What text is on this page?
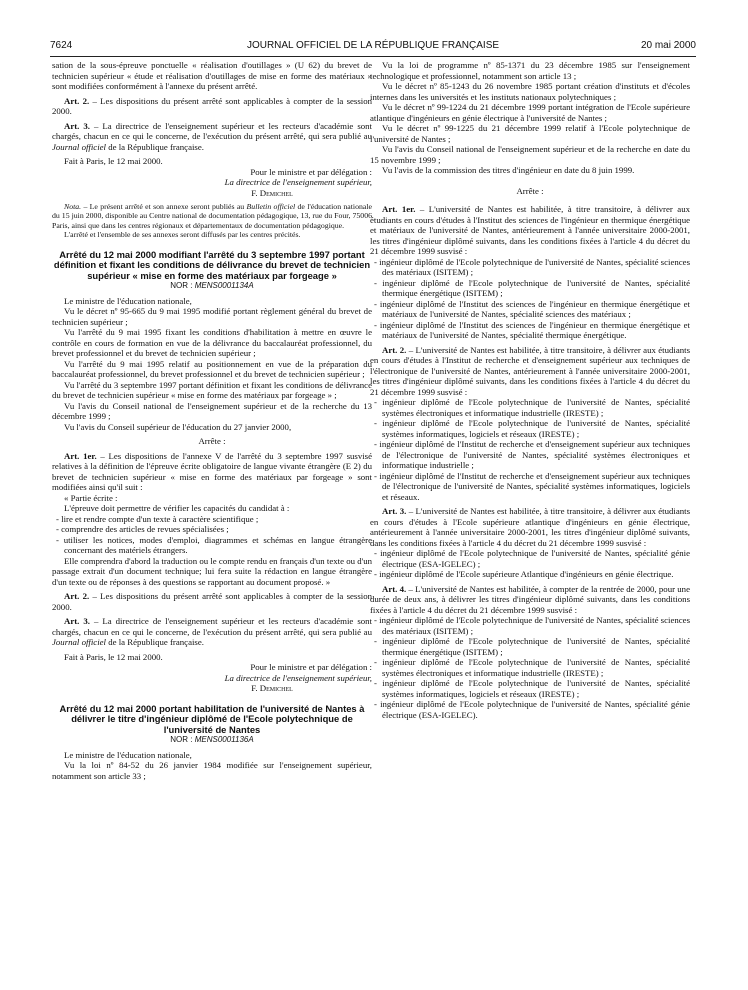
7624	JOURNAL OFFICIEL DE LA RÉPUBLIQUE FRANÇAISE	20 mai 2000

sation de la sous-épreuve ponctuelle « réalisation d'outillages » (U 62) du brevet de technicien supérieur « étude et réalisation d'outillages de mise en forme des matériaux » sont modifiées conformément à l'annexe du présent arrêté.

Art. 2. – Les dispositions du présent arrêté sont applicables à compter de la session 2000.

Art. 3. – La directrice de l'enseignement supérieur et les recteurs d'académie sont chargés, chacun en ce qui le concerne, de l'exécution du présent arrêté, qui sera publié au Journal officiel de la République française.

Fait à Paris, le 12 mai 2000.

Pour le ministre et par délégation :

La directrice de l'enseignement supérieur,

F. Demichel

Nota. – Le présent arrêté et son annexe seront publiés au Bulletin officiel de l'éducation nationale du 15 juin 2000, disponible au Centre national de documentation pédagogique, 13, rue du Four, 75006 Paris, ainsi que dans les centres régionaux et départementaux de documentation pédagogique.

L'arrêté et l'ensemble de ses annexes seront diffusés par les centres précités.

Arrêté du 12 mai 2000 modifiant l'arrêté du 3 septembre 1997 portant définition et fixant les conditions de délivrance du brevet de technicien supérieur « mise en forme des matériaux par forgeage »
NOR : MENS0001134A

Le ministre de l'éducation nationale,

Vu le décret nº 95-665 du 9 mai 1995 modifié portant règlement général du brevet de technicien supérieur ;

Vu l'arrêté du 9 mai 1995 fixant les conditions d'habilitation à mettre en œuvre le contrôle en cours de formation en vue de la délivrance du baccalauréat professionnel, du brevet professionnel et du brevet de technicien supérieur ;

Vu l'arrêté du 9 mai 1995 relatif au positionnement en vue de la préparation du baccalauréat professionnel, du brevet professionnel et du brevet de technicien supérieur ;

Vu l'arrêté du 3 septembre 1997 portant définition et fixant les conditions de délivrance du brevet de technicien supérieur « mise en forme des matériaux par forgeage » ;

Vu l'avis du Conseil national de l'enseignement supérieur et de la recherche du 13 décembre 1999 ;

Vu l'avis du Conseil supérieur de l'éducation du 27 janvier 2000,

Arrête :

Art. 1er. – Les dispositions de l'annexe V de l'arrêté du 3 septembre 1997 susvisé relatives à la définition de l'épreuve écrite obligatoire de langue vivante étrangère (E 2) du brevet de technicien supérieur « mise en forme des matériaux par forgeage » sont modifiées ainsi qu'il suit :

« Partie écrite :

L'épreuve doit permettre de vérifier les capacités du candidat à :

- lire et rendre compte d'un texte à caractère scientifique ;

- comprendre des articles de revues spécialisées ;

- utiliser les notices, modes d'emploi, diagrammes et schémas en langue étrangère concernant des matériels étrangers.

Elle comprendra d'abord la traduction ou le compte rendu en français d'un texte ou d'un passage extrait d'un document technique; lui fera suite la rédaction en langue étrangère d'un texte ou de réponses à des questions se rapportant au document proposé. »

Art. 2. – Les dispositions du présent arrêté sont applicables à compter de la session 2000.

Art. 3. – La directrice de l'enseignement supérieur et les recteurs d'académie sont chargés, chacun en ce qui le concerne, de l'exécution du présent arrêté, qui sera publié au Journal officiel de la République française.

Fait à Paris, le 12 mai 2000.

Pour le ministre et par délégation :

La directrice de l'enseignement supérieur,

F. Demichel

Arrêté du 12 mai 2000 portant habilitation de l'université de Nantes à délivrer le titre d'ingénieur diplômé de l'Ecole polytechnique de l'université de Nantes
NOR : MENS0001136A

Le ministre de l'éducation nationale,

Vu la loi nº 84-52 du 26 janvier 1984 modifiée sur l'enseignement supérieur, notamment son article 33 ;

Vu la loi de programme nº 85-1371 du 23 décembre 1985 sur l'enseignement technologique et professionnel, notamment son article 13 ;

Vu le décret nº 85-1243 du 26 novembre 1985 portant création d'instituts et d'écoles internes dans les universités et les instituts nationaux polytechniques ;

Vu le décret nº 99-1224 du 21 décembre 1999 portant intégration de l'Ecole supérieure atlantique d'ingénieurs en génie électrique à l'université de Nantes ;

Vu le décret nº 99-1225 du 21 décembre 1999 relatif à l'Ecole polytechnique de l'université de Nantes ;

Vu l'avis du Conseil national de l'enseignement supérieur et de la recherche en date du 15 novembre 1999 ;

Vu l'avis de la commission des titres d'ingénieur en date du 8 juin 1999.

Arrête :

Art. 1er. – L'université de Nantes est habilitée, à titre transitoire, à délivrer aux étudiants en cours d'études à l'Institut des sciences de l'ingénieur en thermique énergétique et matériaux de l'université de Nantes, antérieurement à l'année universitaire 2000-2001, les titres d'ingénieur diplômé suivants, dans les conditions fixées à l'article 4 du décret du 21 décembre 1999 susvisé :

- ingénieur diplômé de l'Ecole polytechnique de l'université de Nantes, spécialité sciences des matériaux (ISITEM) ;

- ingénieur diplômé de l'Ecole polytechnique de l'université de Nantes, spécialité thermique énergétique (ISITEM) ;

- ingénieur diplômé de l'Institut des sciences de l'ingénieur en thermique énergétique et matériaux de l'université de Nantes, spécialité sciences des matériaux ;

- ingénieur diplômé de l'Institut des sciences de l'ingénieur en thermique énergétique et matériaux de l'université de Nantes, spécialité thermique énergétique.

Art. 2. – L'université de Nantes est habilitée, à titre transitoire, à délivrer aux étudiants en cours d'études à l'Institut de recherche et d'enseignement supérieur aux techniques de l'électronique de l'université de Nantes, antérieurement à l'année universitaire 2000-2001, les titres d'ingénieur diplômé suivants, dans les conditions fixées à l'article 4 du décret du 21 décembre 1999 susvisé :

- ingénieur diplômé de l'Ecole polytechnique de l'université de Nantes, spécialité systèmes électroniques et informatique industrielle (IRESTE) ;

- ingénieur diplômé de l'Ecole polytechnique de l'université de Nantes, spécialité systèmes informatiques, logiciels et réseaux (IRESTE) ;

- ingénieur diplômé de l'Institut de recherche et d'enseignement supérieur aux techniques de l'électronique de l'université de Nantes, spécialité systèmes électroniques et informatique industrielle ;

- ingénieur diplômé de l'Institut de recherche et d'enseignement supérieur aux techniques de l'électronique de l'université de Nantes, spécialité systèmes informatiques, logiciels et réseaux.

Art. 3. – L'université de Nantes est habilitée, à titre transitoire, à délivrer aux étudiants en cours d'études à l'Ecole supérieure atlantique d'ingénieurs en génie électrique, antérieurement à l'année universitaire 2000-2001, les titres d'ingénieur diplômé suivants, dans les conditions fixées à l'article 4 du décret du 21 décembre 1999 susvisé :

- ingénieur diplômé de l'Ecole polytechnique de l'université de Nantes, spécialité génie électrique (ESA-IGELEC) ;

- ingénieur diplômé de l'Ecole supérieure Atlantique d'ingénieurs en génie électrique.

Art. 4. – L'université de Nantes est habilitée, à compter de la rentrée de 2000, pour une durée de deux ans, à délivrer les titres d'ingénieur diplômé suivants, dans les conditions fixées à l'article 4 du décret du 21 décembre 1999 susvisé :

- ingénieur diplômé de l'Ecole polytechnique de l'université de Nantes, spécialité sciences des matériaux (ISITEM) ;

- ingénieur diplômé de l'Ecole polytechnique de l'université de Nantes, spécialité thermique énergétique (ISITEM) ;

- ingénieur diplômé de l'Ecole polytechnique de l'université de Nantes, spécialité systèmes électroniques et informatique industrielle (IRESTE) ;

- ingénieur diplômé de l'Ecole polytechnique de l'université de Nantes, spécialité systèmes informatiques, logiciels et réseaux (IRESTE) ;

- ingénieur diplômé de l'Ecole polytechnique de l'université de Nantes, spécialité génie électrique (ESA-IGELEC).
